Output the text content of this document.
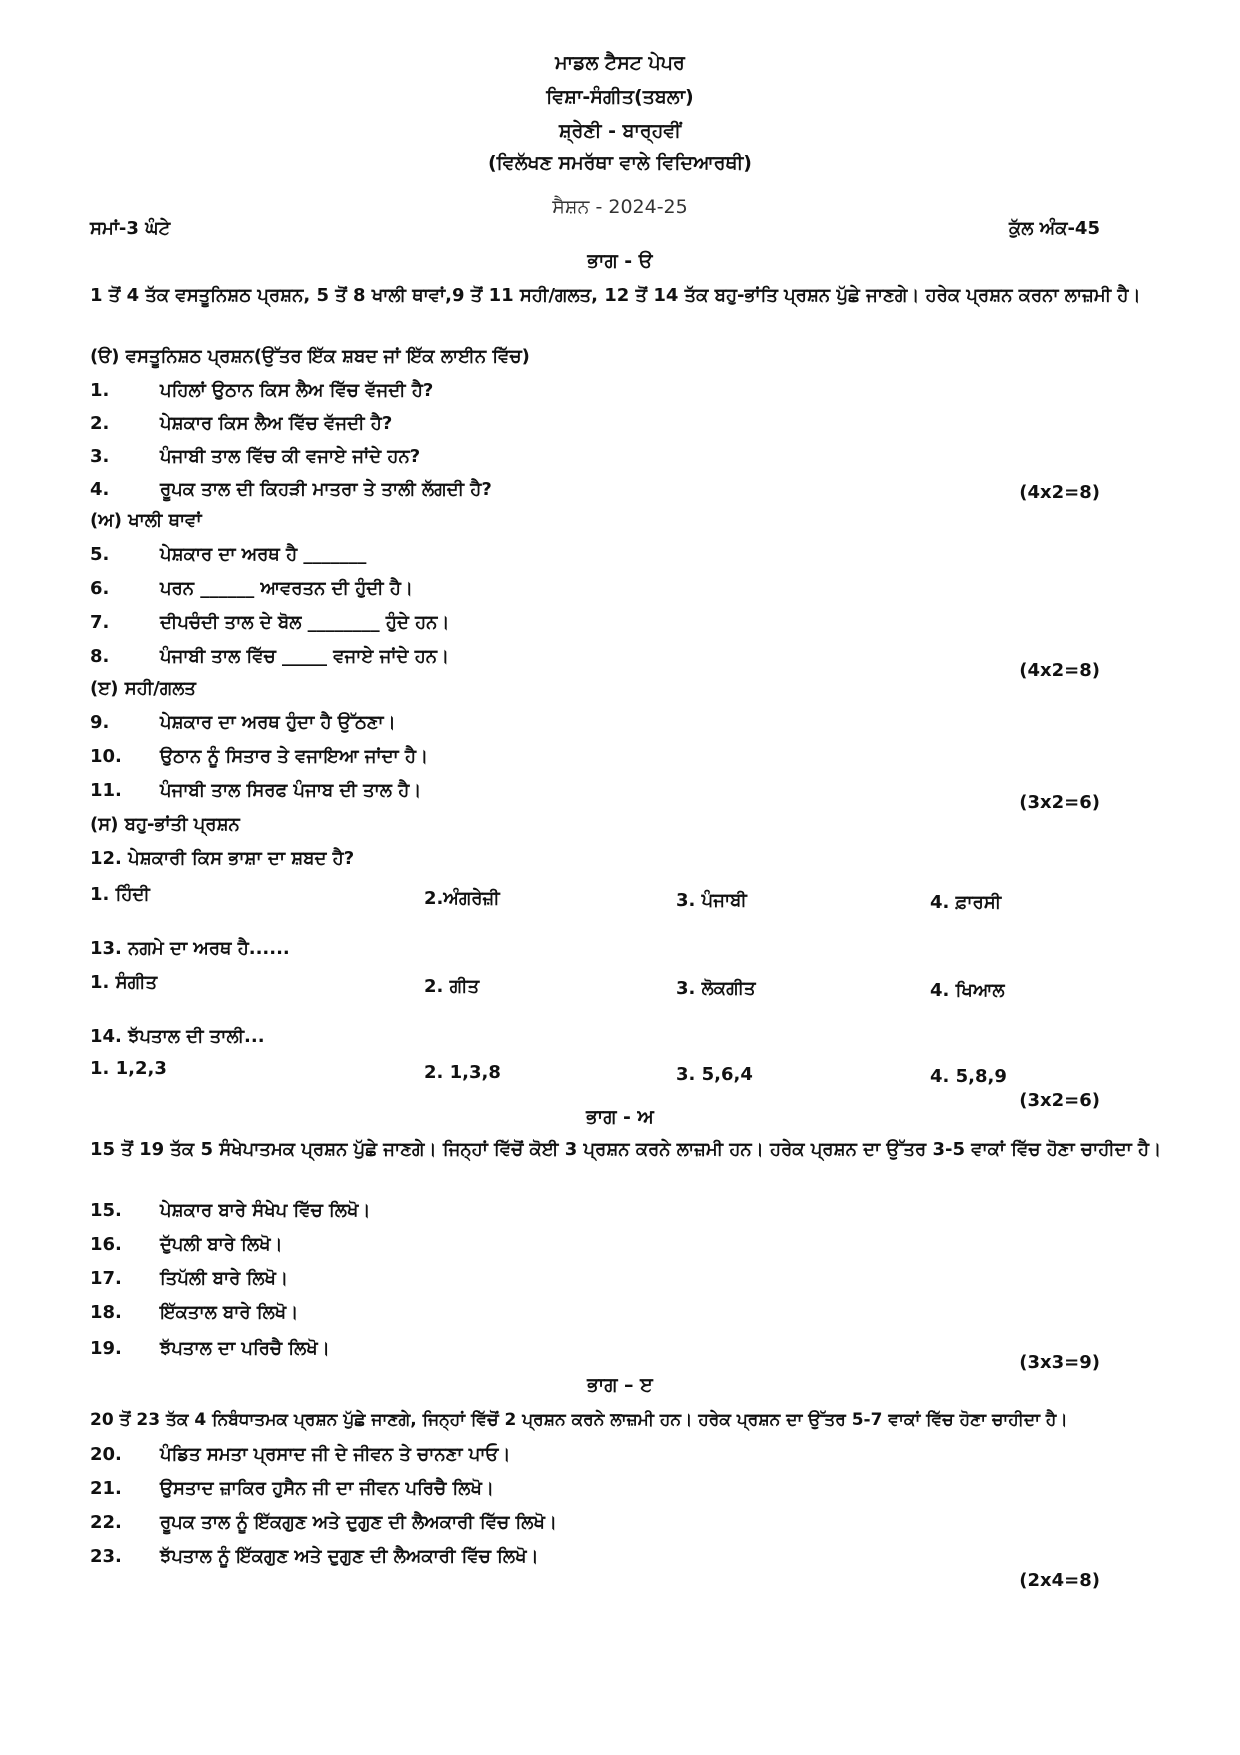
ਮਾਡਲ ਟੈਸਟ ਪੇਪਰ
ਵਿਸ਼ਾ-ਸੰਗੀਤ(ਤਬਲਾ)
ਸ਼੍ਰੇਣੀ - ਬਾਰ੍ਹਵੀਂ
(ਵਿਲੱਖਣ ਸਮਰੱਥਾ ਵਾਲੇ ਵਿਦਿਆਰਥੀ)
ਸੈਸ਼ਨ - 2024-25
ਸਮਾਂ-3 ਘੰਟੇ	ਕੁੱਲ ਅੰਕ-45
ਭਾਗ - ੳ
1 ਤੋਂ 4 ਤੱਕ ਵਸਤੂਨਿਸ਼ਠ ਪ੍ਰਸ਼ਨ, 5 ਤੋਂ 8 ਖਾਲੀ ਥਾਵਾਂ,9 ਤੋਂ 11 ਸਹੀ/ਗਲਤ, 12 ਤੋਂ 14 ਤੱਕ ਬਹੁ-ਭਾਂਤਿ ਪ੍ਰਸ਼ਨ ਪੁੱਛੇ ਜਾਣਗੇ। ਹਰੇਕ ਪ੍ਰਸ਼ਨ ਕਰਨਾ ਲਾਜ਼ਮੀ ਹੈ।
(ੳ) ਵਸਤੂਨਿਸ਼ਠ ਪ੍ਰਸ਼ਨ(ਉੱਤਰ ਇੱਕ ਸ਼ਬਦ ਜਾਂ ਇੱਕ ਲਾਈਨ ਵਿੱਚ)
1.	ਪਹਿਲਾਂ ਉਠਾਨ ਕਿਸ ਲੈਅ ਵਿੱਚ ਵੱਜਦੀ ਹੈ?
2.	ਪੇਸ਼ਕਾਰ ਕਿਸ ਲੈਅ ਵਿੱਚ ਵੱਜਦੀ ਹੈ?
3.	ਪੰਜਾਬੀ ਤਾਲ ਵਿੱਚ ਕੀ ਵਜਾਏ ਜਾਂਦੇ ਹਨ?
4.	ਰੂਪਕ ਤਾਲ ਦੀ ਕਿਹੜੀ ਮਾਤਰਾ ਤੇ ਤਾਲੀ ਲੱਗਦੀ ਹੈ?	(4x2=8)
(ਅ) ਖਾਲੀ ਥਾਵਾਂ
5.	ਪੇਸ਼ਕਾਰ ਦਾ ਅਰਥ ਹੈ _______
6.	ਪਰਨ ______ ਆਵਰਤਨ ਦੀ ਹੁੰਦੀ ਹੈ।
7.	ਦੀਪਚੰਦੀ ਤਾਲ ਦੇ ਬੋਲ ________ ਹੁੰਦੇ ਹਨ।
8.	ਪੰਜਾਬੀ ਤਾਲ ਵਿੱਚ _____ ਵਜਾਏ ਜਾਂਦੇ ਹਨ।
(4x2=8)
(ੲ) ਸਹੀ/ਗਲਤ
9.	ਪੇਸ਼ਕਾਰ ਦਾ ਅਰਥ ਹੁੰਦਾ ਹੈ ਉੱਠਣਾ।
10. ਉਠਾਨ ਨੂੰ ਸਿਤਾਰ ਤੇ ਵਜਾਇਆ ਜਾਂਦਾ ਹੈ।
11. ਪੰਜਾਬੀ ਤਾਲ ਸਿਰਫ ਪੰਜਾਬ ਦੀ ਤਾਲ ਹੈ।
(3x2=6)
(ਸ) ਬਹੁ-ਭਾਂਤੀ ਪ੍ਰਸ਼ਨ
12. ਪੇਸ਼ਕਾਰੀ ਕਿਸ ਭਾਸ਼ਾ ਦਾ ਸ਼ਬਦ ਹੈ?
1. ਹਿੰਦੀ	2.ਅੰਗਰੇਜ਼ੀ	3. ਪੰਜਾਬੀ	4. ਫ਼ਾਰਸੀ
13. ਨਗਮੇ ਦਾ ਅਰਥ ਹੈ......
1. ਸੰਗੀਤ	2. ਗੀਤ	3. ਲੋਕਗੀਤ	4. ਖਿਆਲ
14. ਝੱਪਤਾਲ ਦੀ ਤਾਲੀ...
1. 1,2,3	2. 1,3,8	3. 5,6,4	4. 5,8,9
(3x2=6)
ਭਾਗ - ਅ
15 ਤੋਂ 19 ਤੱਕ 5 ਸੰਖੇਪਾਤਮਕ ਪ੍ਰਸ਼ਨ ਪੁੱਛੇ ਜਾਣਗੇ। ਜਿਨ੍ਹਾਂ ਵਿੱਚੋਂ ਕੋਈ 3 ਪ੍ਰਸ਼ਨ ਕਰਨੇ ਲਾਜ਼ਮੀ ਹਨ। ਹਰੇਕ ਪ੍ਰਸ਼ਨ ਦਾ ਉੱਤਰ 3-5 ਵਾਕਾਂ ਵਿੱਚ ਹੋਣਾ ਚਾਹੀਦਾ ਹੈ।
15. ਪੇਸ਼ਕਾਰ ਬਾਰੇ ਸੰਖੇਪ ਵਿੱਚ ਲਿਖੋ।
16. ਦੁੱਪਲੀ ਬਾਰੇ ਲਿਖੋ।
17. ਤਿਪੱਲੀ ਬਾਰੇ ਲਿਖੋ।
18. ਇੱਕਤਾਲ ਬਾਰੇ ਲਿਖੋ।
19. ਝੱਪਤਾਲ ਦਾ ਪਰਿਚੈ ਲਿਖੋ।
(3x3=9)
ਭਾਗ – ੲ
20 ਤੋਂ 23 ਤੱਕ 4 ਨਿਬੰਧਾਤਮਕ ਪ੍ਰਸ਼ਨ ਪੁੱਛੇ ਜਾਣਗੇ, ਜਿਨ੍ਹਾਂ ਵਿੱਚੋਂ 2 ਪ੍ਰਸ਼ਨ ਕਰਨੇ ਲਾਜ਼ਮੀ ਹਨ। ਹਰੇਕ ਪ੍ਰਸ਼ਨ ਦਾ ਉੱਤਰ 5-7 ਵਾਕਾਂ ਵਿੱਚ ਹੋਣਾ ਚਾਹੀਦਾ ਹੈ।
20. ਪੰਡਿਤ ਸਮਤਾ ਪ੍ਰਸਾਦ ਜੀ ਦੇ ਜੀਵਨ ਤੇ ਚਾਨਣਾ ਪਾਓ।
21. ਉਸਤਾਦ ਜ਼ਾਕਿਰ ਹੁਸੈਨ ਜੀ ਦਾ ਜੀਵਨ ਪਰਿਚੈ ਲਿਖੋ।
22. ਰੂਪਕ ਤਾਲ ਨੂੰ ਇੱਕਗੁਣ ਅਤੇ ਦੁਗੁਣ ਦੀ ਲੈਅਕਾਰੀ ਵਿੱਚ ਲਿਖੋ।
23. ਝੱਪਤਾਲ ਨੂੰ ਇੱਕਗੁਣ ਅਤੇ ਦੁਗੁਣ ਦੀ ਲੈਅਕਾਰੀ ਵਿੱਚ ਲਿਖੋ।
(2x4=8)
